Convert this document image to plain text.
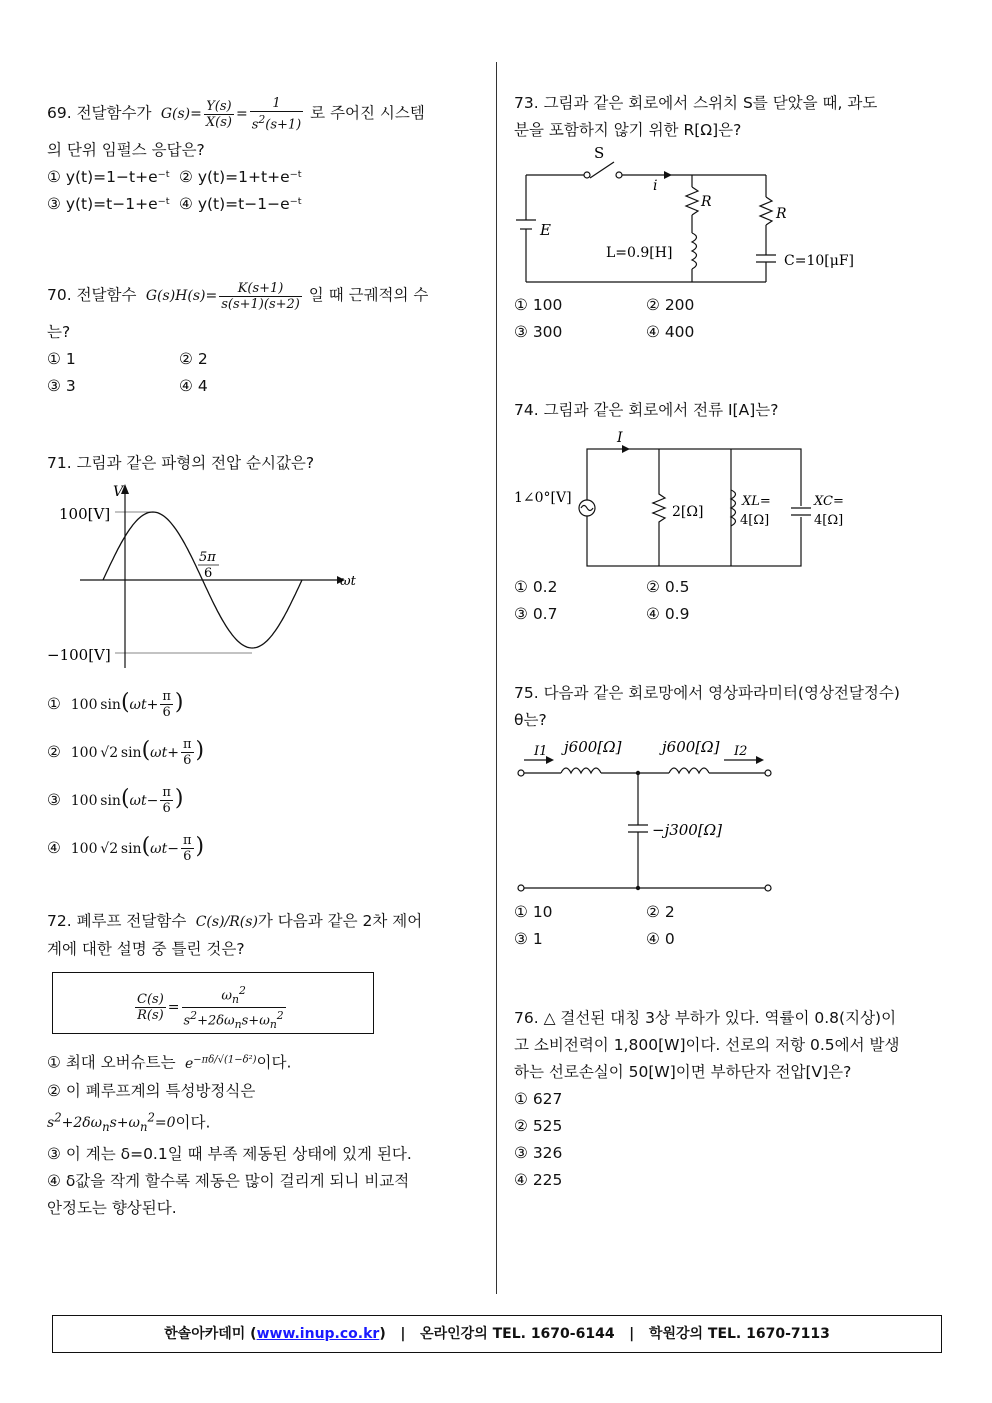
69. 전달함수가  $G(s)= \frac{Y(s)}{X(s)} = \frac{1}{s^2(s+1)}$ 로 주어진 시스템
의 단위 임펄스 응답은?
① y(t)=1−t+e⁻ᵗ ② y(t)=1+t+e⁻ᵗ
③ y(t)=t−1+e⁻ᵗ ④ y(t)=t−1−e⁻ᵗ
70. 전달함수  $G(s)H(s)= \frac{K(s+1)}{s(s+1)(s+2)}$ 일 때 근궤적의 수
는?
① 1	② 2
③ 3	④ 4
71. 그림과 같은 파형의 전압 순시값은?
V
100[V]
−100[V]
ωt
5π
6
①  100 $\sin(\omega t+ \frac{\pi}{6}$ )
②  100 √2 $\sin(\omega t+ \frac{\pi}{6}$ )
③  100 $\sin(\omega t- \frac{\pi}{6}$ )
④  100 √2 $\sin(\omega t- \frac{\pi}{6}$ )
72. 폐루프 전달함수  C(s)/R(s)가 다음과 같은 2차 제어
계에 대한 설명 중 틀린 것은?
$\frac{C(s)}{R(s)} = \frac{\omega_n^2}{s^2+2\delta\omega_ns+\omega_n^2}$
① 최대 오버슈트는  $e^{-\pi\delta/√(1-\delta^2)}$이다.
② 이 폐루프계의 특성방정식은
$s^2+2\delta\omega_ns+\omega_n^2=0$이다.
③ 이 계는 δ=0.1일 때 부족 제동된 상태에 있게 된다.
④ δ값을 작게 할수록 제동은 많이 걸리게 되니 비교적
안정도는 향상된다.
73. 그림과 같은 회로에서 스위치 S를 닫았을 때, 과도
분을 포함하지 않기 위한 R[Ω]은?
S
i
E
R
R
L=0.9[H]	C=10[μF]
① 100	② 200
③ 300	④ 400
74. 그림과 같은 회로에서 전류 I[A]는?
I
1∠0°[V]
2[Ω]
XL=
4[Ω]
XC=
4[Ω]
① 0.2	② 0.5
③ 0.7	④ 0.9
75. 다음과 같은 회로망에서 영상파라미터(영상전달정수)
θ는?
I1	I2
j600[Ω]	j600[Ω]
−j300[Ω]
① 10	② 2
③ 1	④ 0
76. △ 결선된 대칭 3상 부하가 있다. 역률이 0.8(지상)이
고 소비전력이 1,800[W]이다. 선로의 저항 0.5에서 발생
하는 선로손실이 50[W]이면 부하단자 전압[V]은?
① 627
② 525
③ 326
④ 225
한솔아카데미 (www.inup.co.kr)   |   온라인강의 TEL. 1670-6144   |   학원강의 TEL. 1670-7113
